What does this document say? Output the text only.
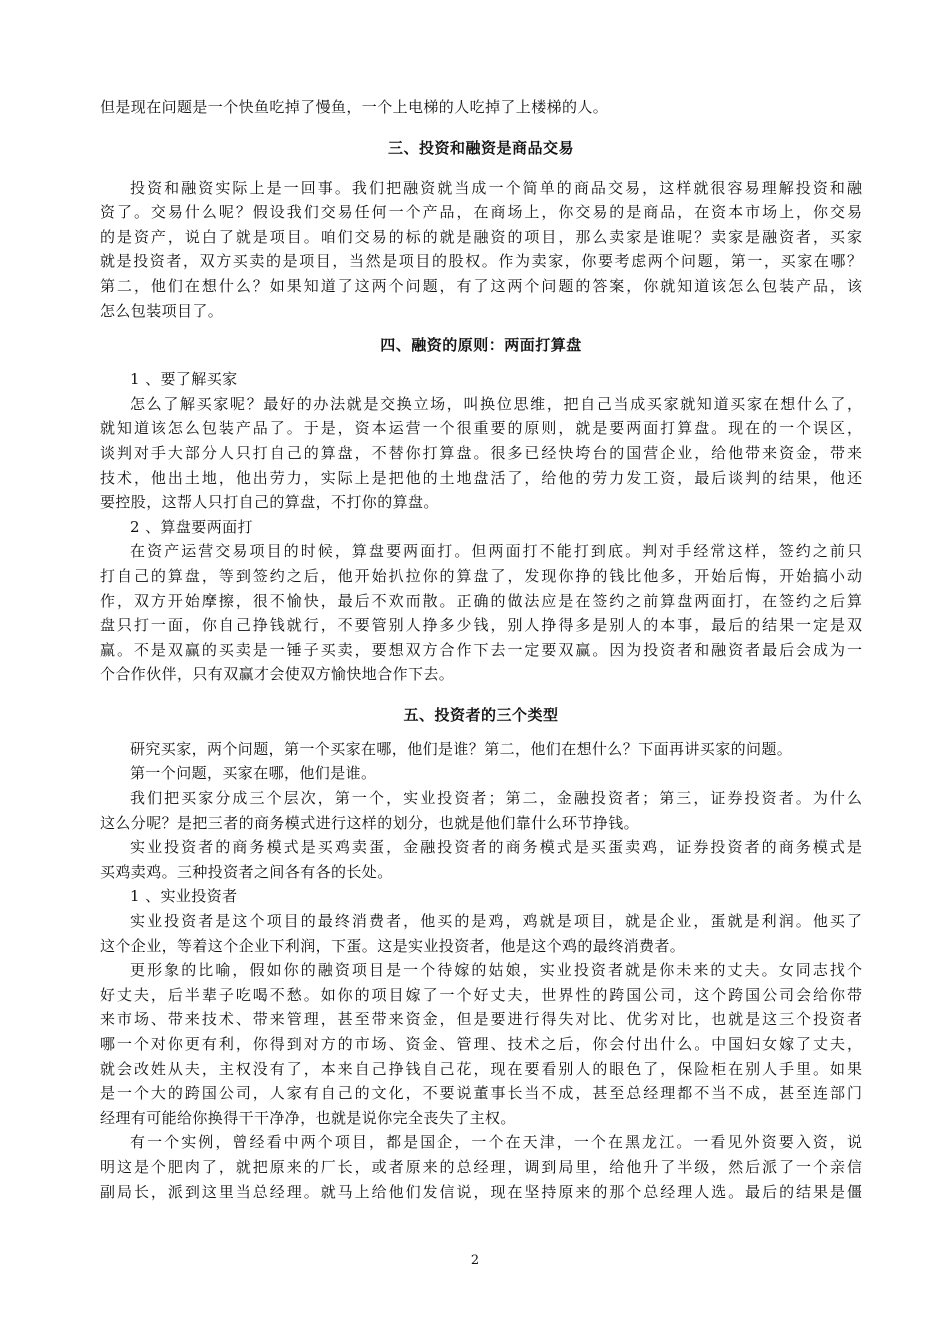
但是现在问题是一个快鱼吃掉了慢鱼，一个上电梯的人吃掉了上楼梯的人。

三、投资和融资是商品交易

投资和融资实际上是一回事。我们把融资就当成一个简单的商品交易，这样就很容易理解投资和融

资了。交易什么呢？假设我们交易任何一个产品，在商场上，你交易的是商品，在资本市场上，你交易

的是资产，说白了就是项目。咱们交易的标的就是融资的项目，那么卖家是谁呢？卖家是融资者，买家

就是投资者，双方买卖的是项目，当然是项目的股权。作为卖家，你要考虑两个问题，第一，买家在哪？

第二，他们在想什么？如果知道了这两个问题，有了这两个问题的答案，你就知道该怎么包装产品，该

怎么包装项目了。

四、融资的原则：两面打算盘

1 、要了解买家

怎么了解买家呢？最好的办法就是交换立场，叫换位思维，把自己当成买家就知道买家在想什么了，

就知道该怎么包装产品了。于是，资本运营一个很重要的原则，就是要两面打算盘。现在的一个误区，

谈判对手大部分人只打自己的算盘，不替你打算盘。很多已经快垮台的国营企业，给他带来资金，带来

技术，他出土地，他出劳力，实际上是把他的土地盘活了，给他的劳力发工资，最后谈判的结果，他还

要控股，这帮人只打自己的算盘，不打你的算盘。

2 、算盘要两面打

在资产运营交易项目的时候，算盘要两面打。但两面打不能打到底。判对手经常这样，签约之前只

打自己的算盘，等到签约之后，他开始扒拉你的算盘了，发现你挣的钱比他多，开始后悔，开始搞小动

作，双方开始摩擦，很不愉快，最后不欢而散。正确的做法应是在签约之前算盘两面打，在签约之后算

盘只打一面，你自己挣钱就行，不要管别人挣多少钱，别人挣得多是别人的本事，最后的结果一定是双

赢。不是双赢的买卖是一锤子买卖，要想双方合作下去一定要双赢。因为投资者和融资者最后会成为一

个合作伙伴，只有双赢才会使双方愉快地合作下去。

五、投资者的三个类型

研究买家，两个问题，第一个买家在哪，他们是谁？第二，他们在想什么？下面再讲买家的问题。

第一个问题，买家在哪，他们是谁。

我们把买家分成三个层次，第一个，实业投资者；第二，金融投资者；第三，证券投资者。为什么

这么分呢？是把三者的商务模式进行这样的划分，也就是他们靠什么环节挣钱。

实业投资者的商务模式是买鸡卖蛋，金融投资者的商务模式是买蛋卖鸡，证券投资者的商务模式是

买鸡卖鸡。三种投资者之间各有各的长处。

1 、实业投资者

实业投资者是这个项目的最终消费者，他买的是鸡，鸡就是项目，就是企业，蛋就是利润。他买了

这个企业，等着这个企业下利润，下蛋。这是实业投资者，他是这个鸡的最终消费者。

更形象的比喻，假如你的融资项目是一个待嫁的姑娘，实业投资者就是你未来的丈夫。女同志找个

好丈夫，后半辈子吃喝不愁。如你的项目嫁了一个好丈夫，世界性的跨国公司，这个跨国公司会给你带

来市场、带来技术、带来管理，甚至带来资金，但是要进行得失对比、优劣对比，也就是这三个投资者

哪一个对你更有利，你得到对方的市场、资金、管理、技术之后，你会付出什么。中国妇女嫁了丈夫，

就会改姓从夫，主权没有了，本来自己挣钱自己花，现在要看别人的眼色了，保险柜在别人手里。如果

是一个大的跨国公司，人家有自己的文化，不要说董事长当不成，甚至总经理都不当不成，甚至连部门

经理有可能给你换得干干净净，也就是说你完全丧失了主权。

有一个实例，曾经看中两个项目，都是国企，一个在天津，一个在黑龙江。一看见外资要入资，说

明这是个肥肉了，就把原来的厂长，或者原来的总经理，调到局里，给他升了半级，然后派了一个亲信

副局长，派到这里当总经理。就马上给他们发信说，现在坚持原来的那个总经理人选。最后的结果是僵

2
